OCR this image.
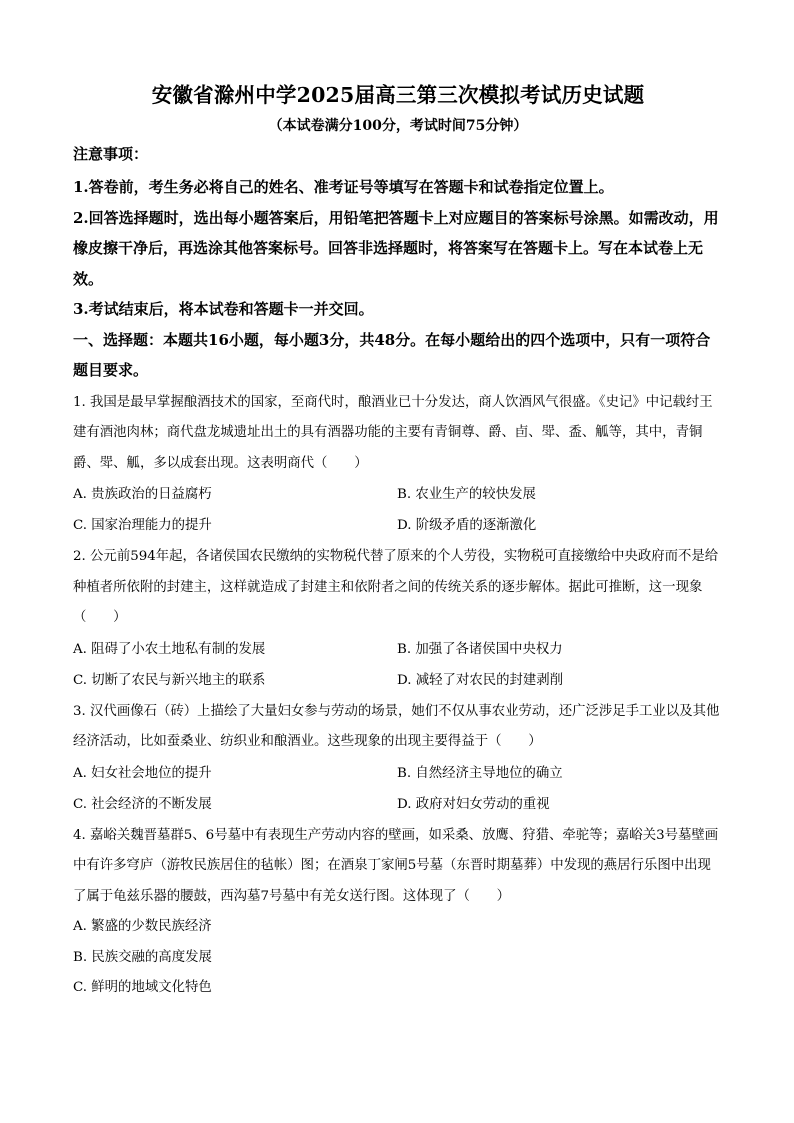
安徽省滁州中学2025届高三第三次模拟考试历史试题
（本试卷满分100分，考试时间75分钟）
注意事项：
1.答卷前，考生务必将自己的姓名、准考证号等填写在答题卡和试卷指定位置上。
2.回答选择题时，选出每小题答案后，用铅笔把答题卡上对应题目的答案标号涂黑。如需改动，用橡皮擦干净后，再选涂其他答案标号。回答非选择题时，将答案写在答题卡上。写在本试卷上无效。
3.考试结束后，将本试卷和答题卡一并交回。
一、选择题：本题共16小题，每小题3分，共48分。在每小题给出的四个选项中，只有一项符合题目要求。
1. 我国是最早掌握酿酒技术的国家，至商代时，酿酒业已十分发达，商人饮酒风气很盛。《史记》中记载纣王建有酒池肉林；商代盘龙城遗址出土的具有酒器功能的主要有青铜尊、爵、卣、斝、盉、觚等，其中，青铜爵、斝、觚，多以成套出现。这表明商代（　　）
A. 贵族政治的日益腐朽	B. 农业生产的较快发展
C. 国家治理能力的提升	D. 阶级矛盾的逐渐激化
2. 公元前594年起，各诸侯国农民缴纳的实物税代替了原来的个人劳役，实物税可直接缴给中央政府而不是给种植者所依附的封建主，这样就造成了封建主和依附者之间的传统关系的逐步解体。据此可推断，这一现象（　　）
A. 阻碍了小农土地私有制的发展	B. 加强了各诸侯国中央权力
C. 切断了农民与新兴地主的联系	D. 减轻了对农民的封建剥削
3. 汉代画像石（砖）上描绘了大量妇女参与劳动的场景，她们不仅从事农业劳动，还广泛涉足手工业以及其他经济活动，比如蚕桑业、纺织业和酿酒业。这些现象的出现主要得益于（　　）
A. 妇女社会地位的提升	B. 自然经济主导地位的确立
C. 社会经济的不断发展	D. 政府对妇女劳动的重视
4. 嘉峪关魏晋墓群5、6号墓中有表现生产劳动内容的壁画，如采桑、放鹰、狩猎、牵驼等；嘉峪关3号墓壁画中有许多穹庐（游牧民族居住的毡帐）图；在酒泉丁家闸5号墓（东晋时期墓葬）中发现的燕居行乐图中出现了属于龟兹乐器的腰鼓，西沟墓7号墓中有羌女送行图。这体现了（　　）
A. 繁盛的少数民族经济
B. 民族交融的高度发展
C. 鲜明的地域文化特色
